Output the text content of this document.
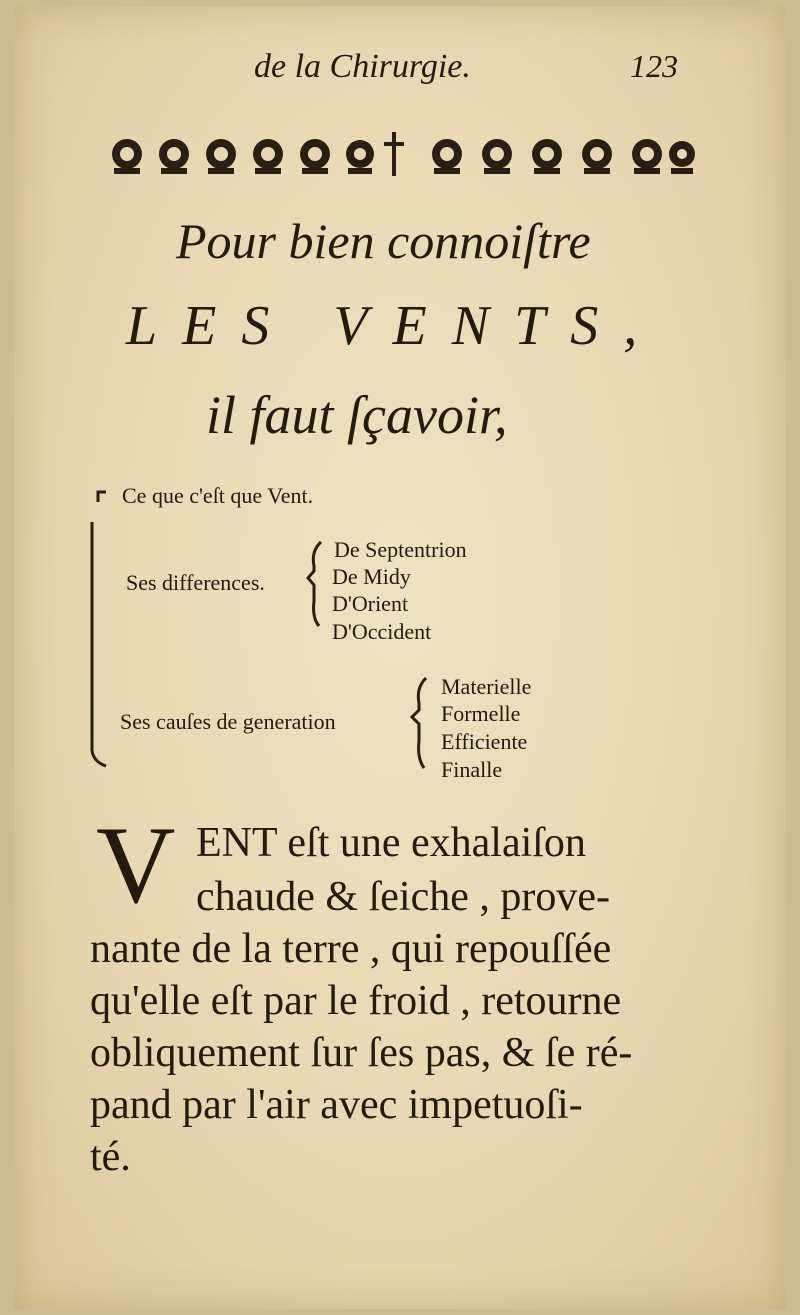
de la Chirurgie.	123
Pour bien connoiſtre
LES VENTS,
il faut ſçavoir,
Ce que c'eſt que Vent.
Ses differences.
De Septentrion
De Midy
D'Orient
D'Occident
Ses cauſes de generation
Materielle
Formelle
Efficiente
Finalle
V ENT eſt une exhalaiſon
chaude & ſeiche , prove-
nante de la terre , qui repouſſée
qu'elle eſt par le froid , retourne
obliquement ſur ſes pas, & ſe ré-
pand par l'air avec impetuoſi-
té.
